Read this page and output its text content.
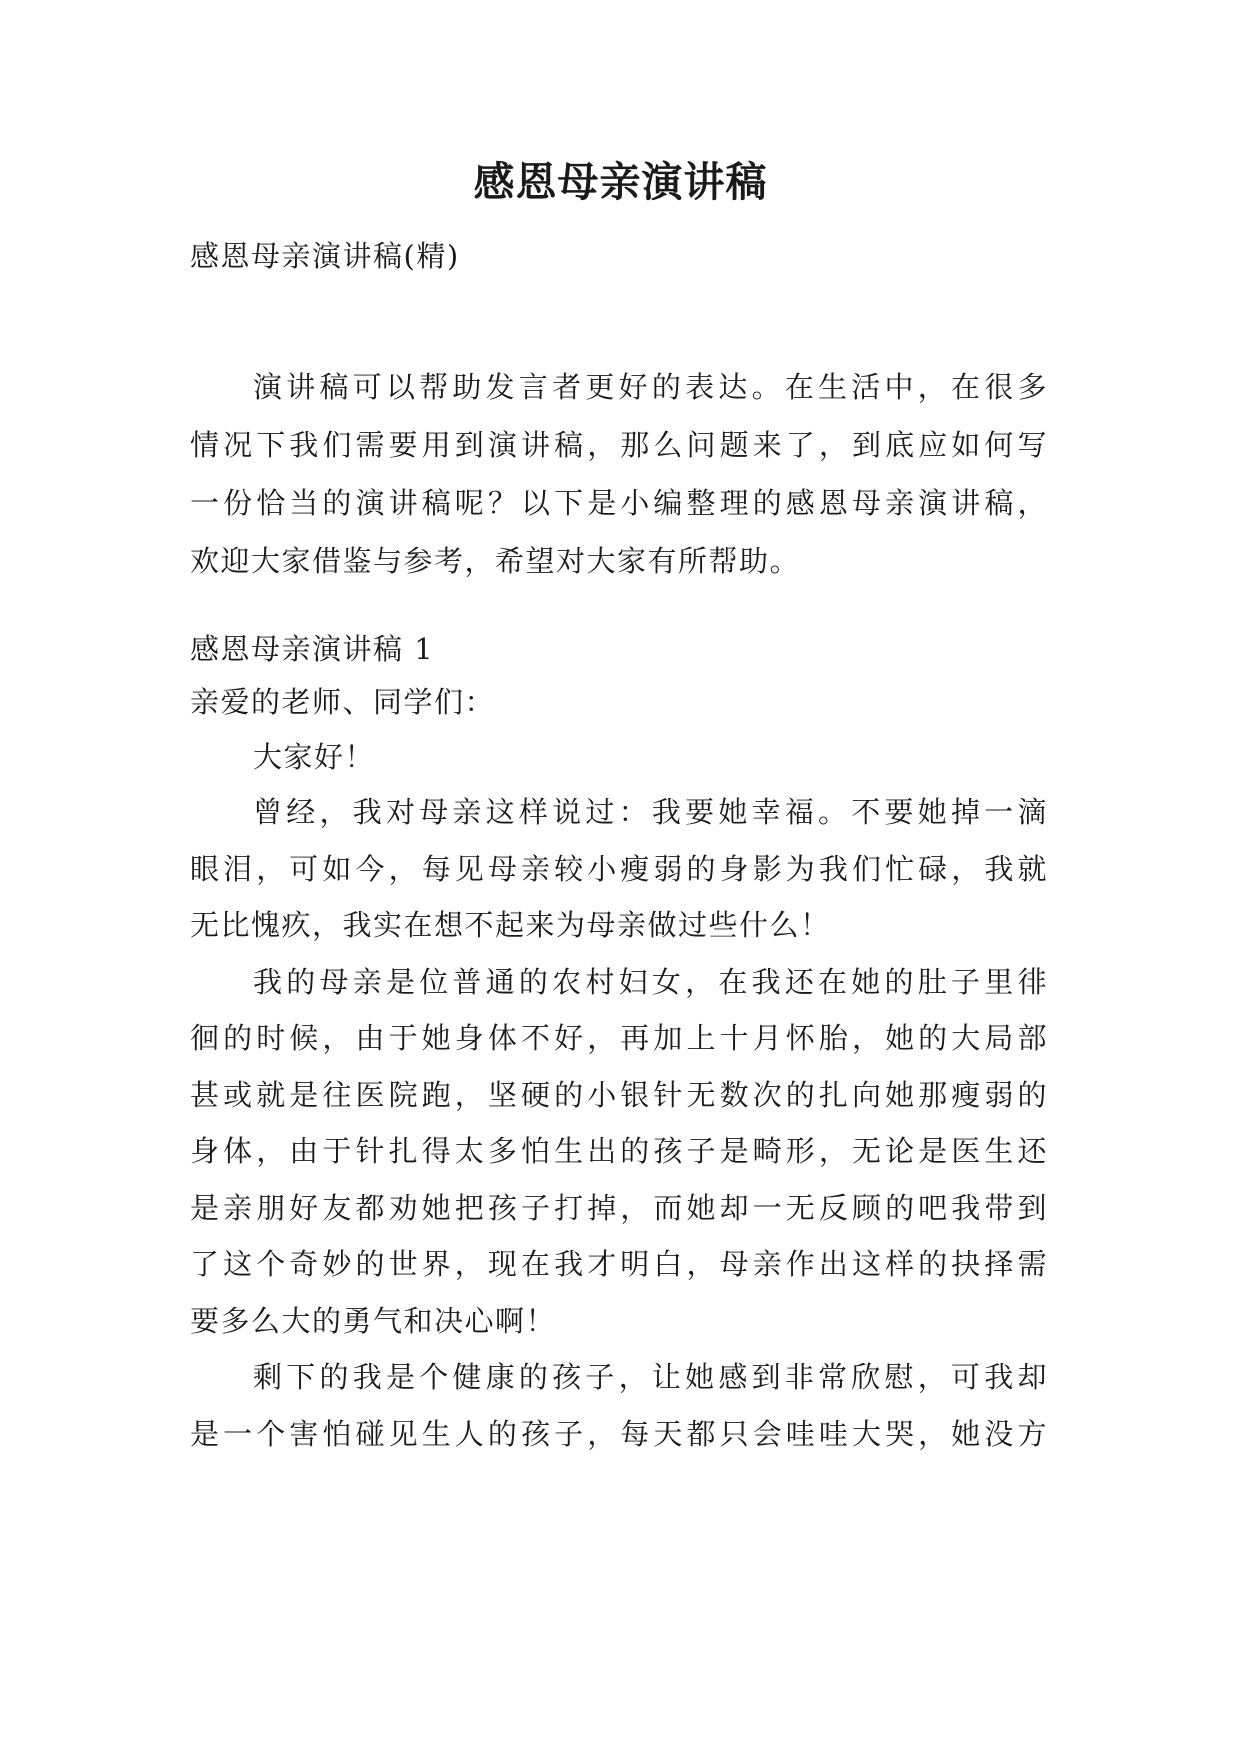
感恩母亲演讲稿

感恩母亲演讲稿(精)

演讲稿可以帮助发言者更好的表达。在生活中，在很多

情况下我们需要用到演讲稿，那么问题来了，到底应如何写

一份恰当的演讲稿呢？以下是小编整理的感恩母亲演讲稿，

欢迎大家借鉴与参考，希望对大家有所帮助。

感恩母亲演讲稿 1

亲爱的老师、同学们：

大家好！

曾经，我对母亲这样说过：我要她幸福。不要她掉一滴

眼泪，可如今，每见母亲较小瘦弱的身影为我们忙碌，我就

无比愧疚，我实在想不起来为母亲做过些什么！

我的母亲是位普通的农村妇女，在我还在她的肚子里徘

徊的时候，由于她身体不好，再加上十月怀胎，她的大局部

甚或就是往医院跑，坚硬的小银针无数次的扎向她那瘦弱的

身体，由于针扎得太多怕生出的孩子是畸形，无论是医生还

是亲朋好友都劝她把孩子打掉，而她却一无反顾的吧我带到

了这个奇妙的世界，现在我才明白，母亲作出这样的抉择需

要多么大的勇气和决心啊！

剩下的我是个健康的孩子，让她感到非常欣慰，可我却

是一个害怕碰见生人的孩子，每天都只会哇哇大哭，她没方
